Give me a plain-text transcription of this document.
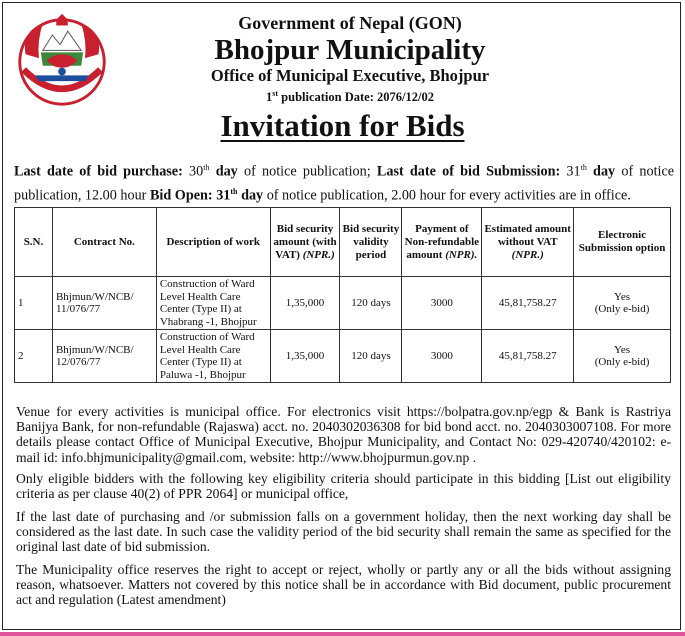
Government of Nepal (GON)
Bhojpur Municipality
Office of Municipal Executive, Bhojpur
1st publication Date: 2076/12/02
Invitation for Bids
Last date of bid purchase: 30th day of notice publication; Last date of bid Submission: 31th day of notice publication, 12.00 hour Bid Open: 31th day of notice publication, 2.00 hour for every activities are in office.
S.N.	Contract No.	Description of work	Bid security amount (with VAT) (NPR.)	Bid security validity period	Payment of Non-refundable amount (NPR).	Estimated amount without VAT (NPR.)	Electronic Submission option
1	Bhjmun/W/NCB/ 11/076/77	Construction of Ward Level Health Care Center (Type II) at Vhabrang -1, Bhojpur	1,35,000	120 days	3000	45,81,758.27	Yes
(Only e-bid)
2	Bhjmun/W/NCB/ 12/076/77	Construction of Ward Level Health Care Center (Type II) at Paluwa -1, Bhojpur	1,35,000	120 days	3000	45,81,758.27	Yes
(Only e-bid)
Venue for every activities is municipal office. For electronics visit https://bolpatra.gov.np/egp & Bank is Rastriya Banijya Bank, for non-refundable (Rajaswa) acct. no. 2040302036308 for bid bond acct. no. 2040303007108. For more details please contact Office of Municipal Executive, Bhojpur Municipality, and Contact No: 029-420740/420102: e-mail id: info.bhjmunicipality@gmail.com, website: http://www.bhojpurmun.gov.np .
Only eligible bidders with the following key eligibility criteria should participate in this bidding [List out eligibility criteria as per clause 40(2) of PPR 2064] or municipal office,
If the last date of purchasing and /or submission falls on a government holiday, then the next working day shall be considered as the last date. In such case the validity period of the bid security shall remain the same as specified for the original last date of bid submission.
The Municipality office reserves the right to accept or reject, wholly or partly any or all the bids without assigning reason, whatsoever. Matters not covered by this notice shall be in accordance with Bid document, public procurement act and regulation (Latest amendment)
